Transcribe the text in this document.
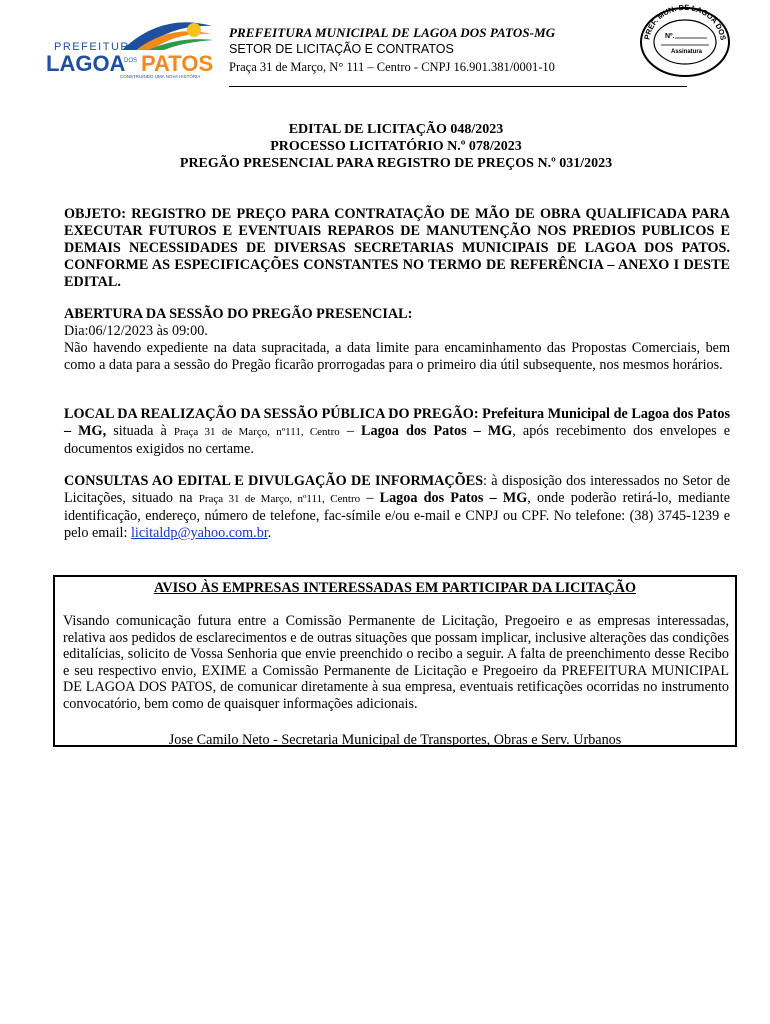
PREFEITURA
LAGOA
DOS PATOS
CONSTRUINDO UMA NOVA HISTÓRIA
PREFEITURA MUNICIPAL DE LAGOA DOS PATOS-MG
SETOR DE LICITAÇÃO E CONTRATOS
Praça 31 de Março, N° 111 – Centro - CNPJ 16.901.381/0001-10
PREF. MUN. DE LAGOA DOS
Nº.
Assinatura
EDITAL DE LICITAÇÃO 048/2023
PROCESSO LICITATÓRIO N.º 078/2023
PREGÃO PRESENCIAL PARA REGISTRO DE PREÇOS N.º 031/2023
OBJETO: REGISTRO DE PREÇO PARA CONTRATAÇÃO DE MÃO DE OBRA QUALIFICADA PARA EXECUTAR FUTUROS E EVENTUAIS REPAROS DE MANUTENÇÃO NOS PREDIOS PUBLICOS E DEMAIS NECESSIDADES DE DIVERSAS SECRETARIAS MUNICIPAIS DE LAGOA DOS PATOS. CONFORME AS ESPECIFICAÇÕES CONSTANTES NO TERMO DE REFERÊNCIA – ANEXO I DESTE EDITAL.
ABERTURA DA SESSÃO DO PREGÃO PRESENCIAL:
Dia:06/12/2023 às 09:00.
Não havendo expediente na data supracitada, a data limite para encaminhamento das Propostas Comerciais, bem como a data para a sessão do Pregão ficarão prorrogadas para o primeiro dia útil subsequente, nos mesmos horários.
LOCAL DA REALIZAÇÃO DA SESSÃO PÚBLICA DO PREGÃO: Prefeitura Municipal de Lagoa dos Patos – MG, situada à Praça 31 de Março, nº111, Centro – Lagoa dos Patos – MG, após recebimento dos envelopes e documentos exigidos no certame.
CONSULTAS AO EDITAL E DIVULGAÇÃO DE INFORMAÇÕES: à disposição dos interessados no Setor de Licitações, situado na Praça 31 de Março, nº111, Centro – Lagoa dos Patos – MG, onde poderão retirá-lo, mediante identificação, endereço, número de telefone, fac-símile e/ou e-mail e CNPJ ou CPF. No telefone: (38) 3745-1239 e pelo email: licitaldp@yahoo.com.br.
AVISO ÀS EMPRESAS INTERESSADAS EM PARTICIPAR DA LICITAÇÃO
Visando comunicação futura entre a Comissão Permanente de Licitação, Pregoeiro e as empresas interessadas, relativa aos pedidos de esclarecimentos e de outras situações que possam implicar, inclusive alterações das condições editalícias, solicito de Vossa Senhoria que envie preenchido o recibo a seguir. A falta de preenchimento desse Recibo e seu respectivo envio, EXIME a Comissão Permanente de Licitação e Pregoeiro da PREFEITURA MUNICIPAL DE LAGOA DOS PATOS, de comunicar diretamente à sua empresa, eventuais retificações ocorridas no instrumento convocatório, bem como de quaisquer informações adicionais.
Jose Camilo Neto - Secretaria Municipal de Transportes, Obras e Serv. Urbanos
